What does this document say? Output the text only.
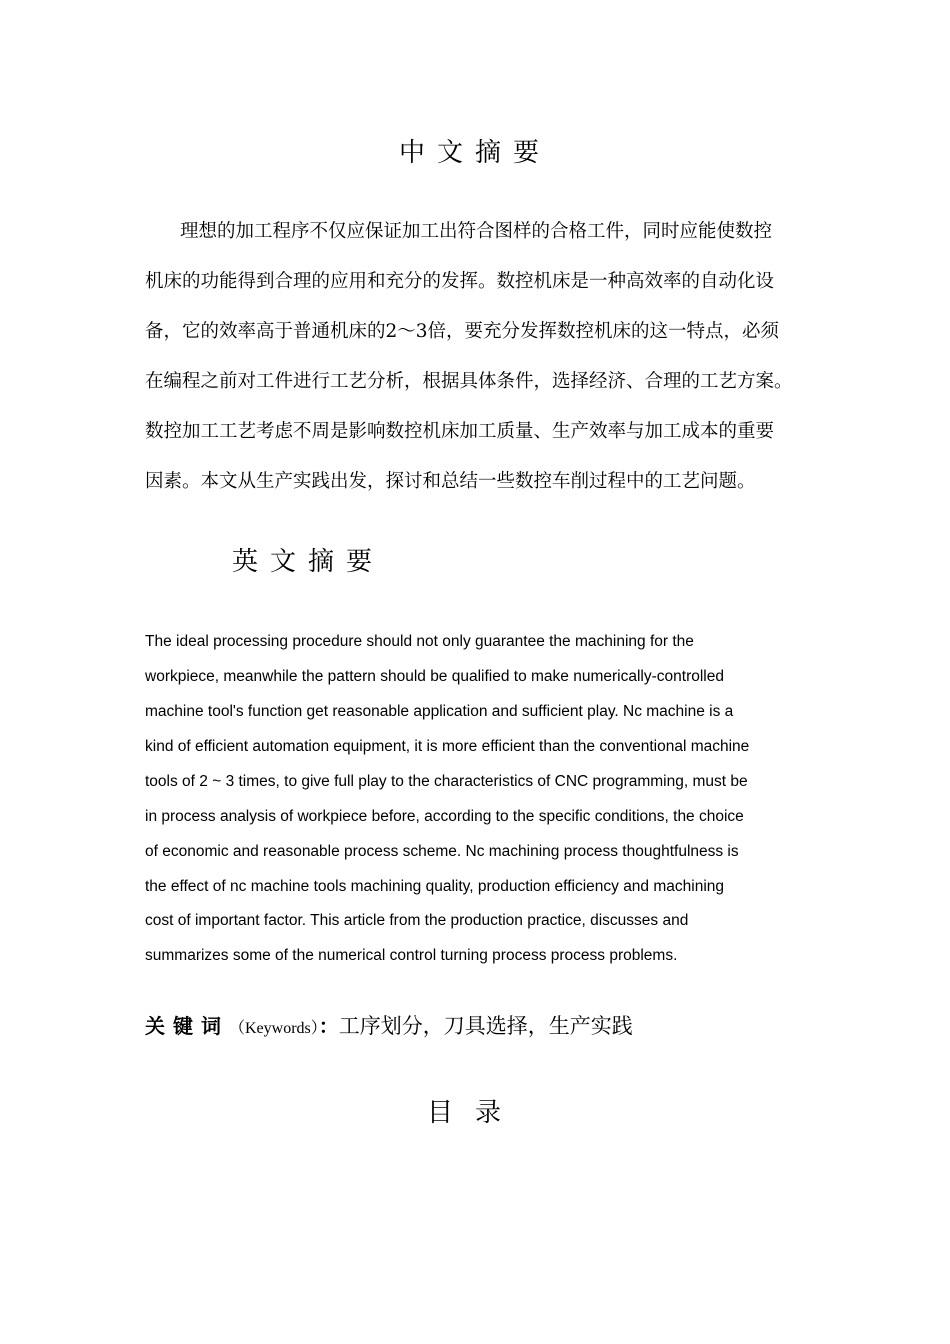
中文摘要

理想的加工程序不仅应保证加工出符合图样的合格工件，同时应能使数控

机床的功能得到合理的应用和充分的发挥。数控机床是一种高效率的自动化设

备，它的效率高于普通机床的2～3倍，要充分发挥数控机床的这一特点，必须

在编程之前对工件进行工艺分析，根据具体条件，选择经济、合理的工艺方案。

数控加工工艺考虑不周是影响数控机床加工质量、生产效率与加工成本的重要

因素。本文从生产实践出发，探讨和总结一些数控车削过程中的工艺问题。

英文摘要

The ideal processing procedure should not only guarantee the machining for the

workpiece, meanwhile the pattern should be qualified to make numerically-controlled

machine tool's function get reasonable application and sufficient play. Nc machine is a

kind of efficient automation equipment, it is more efficient than the conventional machine

tools of 2 ~ 3 times, to give full play to the characteristics of CNC programming, must be

in process analysis of workpiece before, according to the specific conditions, the choice

of economic and reasonable process scheme. Nc machining process thoughtfulness is

the effect of nc machine tools machining quality, production efficiency and machining

cost of important factor. This article from the production practice, discusses and

summarizes some of the numerical control turning process process problems.

关键词（Keywords）：工序划分，刀具选择，生产实践

目录
